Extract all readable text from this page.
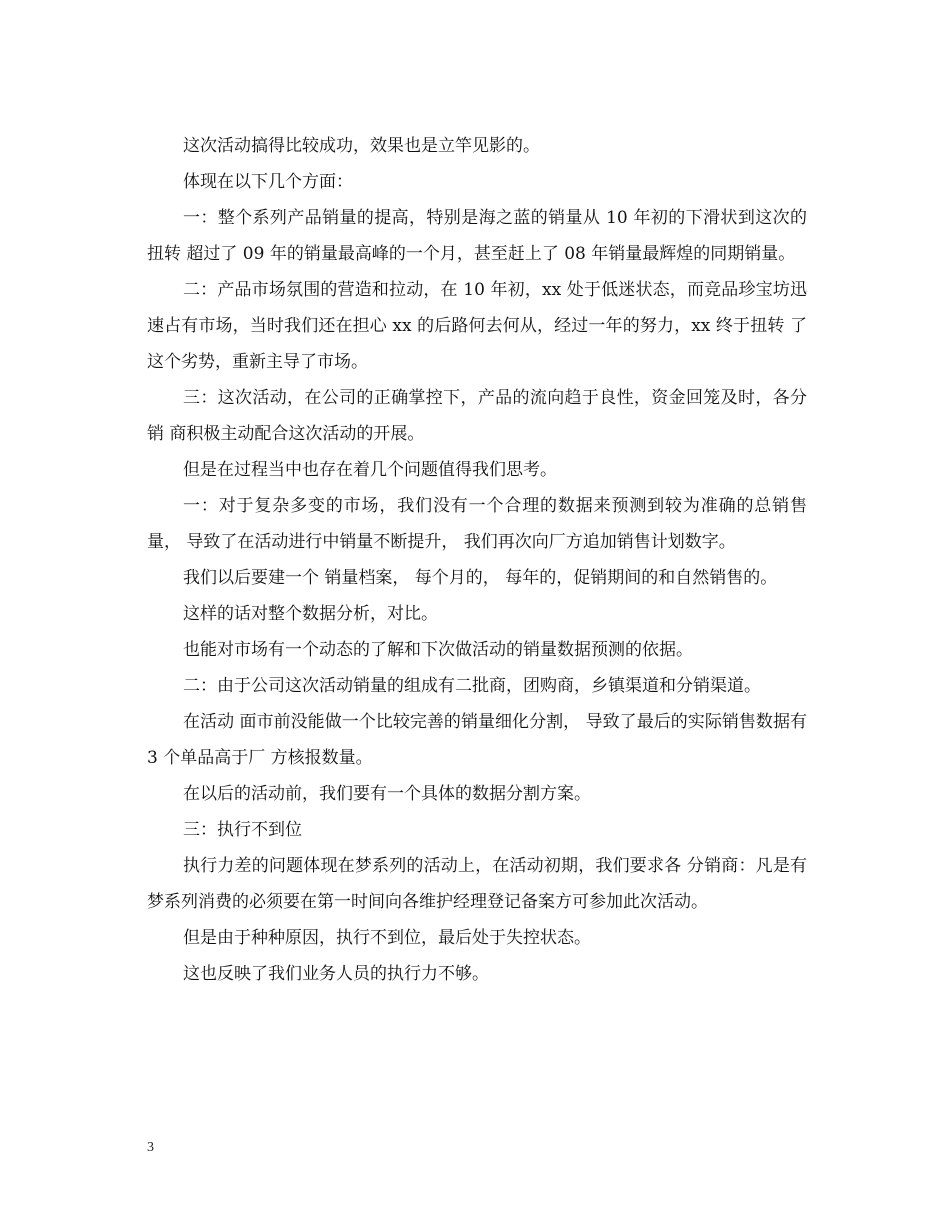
这次活动搞得比较成功，效果也是立竿见影的。

体现在以下几个方面：

一：整个系列产品销量的提高，特别是海之蓝的销量从 10 年初的下滑状到这次的扭转 超过了 09 年的销量最高峰的一个月，甚至赶上了 08 年销量最辉煌的同期销量。

二：产品市场氛围的营造和拉动，在 10 年初，xx 处于低迷状态，而竞品珍宝坊迅 速占有市场，当时我们还在担心 xx 的后路何去何从，经过一年的努力，xx 终于扭转 了这个劣势，重新主导了市场。

三：这次活动，在公司的正确掌控下，产品的流向趋于良性，资金回笼及时，各分销 商积极主动配合这次活动的开展。

但是在过程当中也存在着几个问题值得我们思考。

一：对于复杂多变的市场，我们没有一个合理的数据来预测到较为准确的总销售量， 导致了在活动进行中销量不断提升， 我们再次向厂方追加销售计划数字。

我们以后要建一个 销量档案， 每个月的， 每年的，促销期间的和自然销售的。

这样的话对整个数据分析，对比。

也能对市场有一个动态的了解和下次做活动的销量数据预测的依据。

二：由于公司这次活动销量的组成有二批商，团购商，乡镇渠道和分销渠道。

在活动 面市前没能做一个比较完善的销量细化分割， 导致了最后的实际销售数据有 3 个单品高于厂 方核报数量。

在以后的活动前，我们要有一个具体的数据分割方案。

三：执行不到位

执行力差的问题体现在梦系列的活动上，在活动初期，我们要求各 分销商：凡是有梦系列消费的必须要在第一时间向各维护经理登记备案方可参加此次活动。

但是由于种种原因，执行不到位，最后处于失控状态。

这也反映了我们业务人员的执行力不够。

3
